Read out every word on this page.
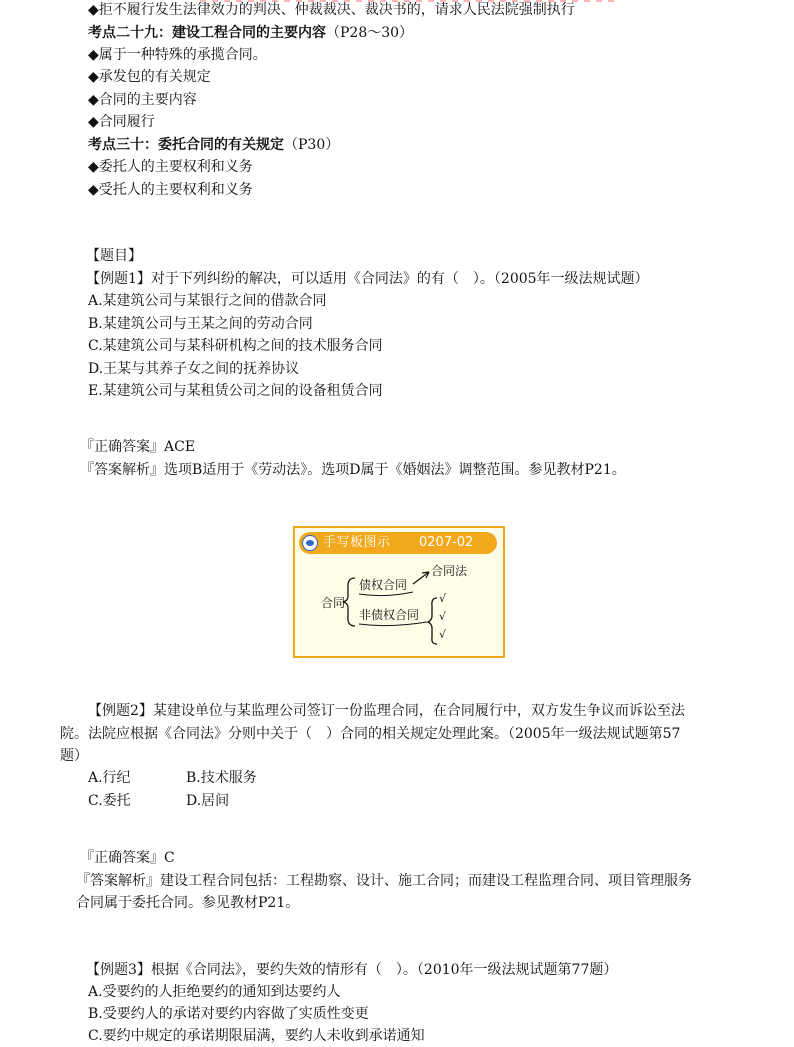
◆拒不履行发生法律效力的判决、仲裁裁决、裁决书的，请求人民法院强制执行
考点二十九：建设工程合同的主要内容（P28～30）
◆属于一种特殊的承揽合同。
◆承发包的有关规定
◆合同的主要内容
◆合同履行
考点三十：委托合同的有关规定（P30）
◆委托人的主要权利和义务
◆受托人的主要权利和义务
【题目】
【例题1】对于下列纠纷的解决，可以适用《合同法》的有（　）。（2005年一级法规试题）
A.某建筑公司与某银行之间的借款合同
B.某建筑公司与王某之间的劳动合同
C.某建筑公司与某科研机构之间的技术服务合同
D.王某与其养子女之间的抚养协议
E.某建筑公司与某租赁公司之间的设备租赁合同
『正确答案』ACE
『答案解析』选项B适用于《劳动法》。选项D属于《婚姻法》调整范围。参见教材P21。
手写板图示 0207-02
合同
债权合同
合同法
非债权合同
√
√
√
【例题2】某建设单位与某监理公司签订一份监理合同，在合同履行中，双方发生争议而诉讼至法
院。法院应根据《合同法》分则中关于（　）合同的相关规定处理此案。（2005年一级法规试题第57
题）
A.行纪	B.技术服务
C.委托	D.居间
『正确答案』C
『答案解析』建设工程合同包括：工程勘察、设计、施工合同；而建设工程监理合同、项目管理服务
合同属于委托合同。参见教材P21。
【例题3】根据《合同法》，要约失效的情形有（　）。（2010年一级法规试题第77题）
A.受要约的人拒绝要约的通知到达要约人
B.受要约人的承诺对要约内容做了实质性变更
C.要约中规定的承诺期限届满，要约人未收到承诺通知
